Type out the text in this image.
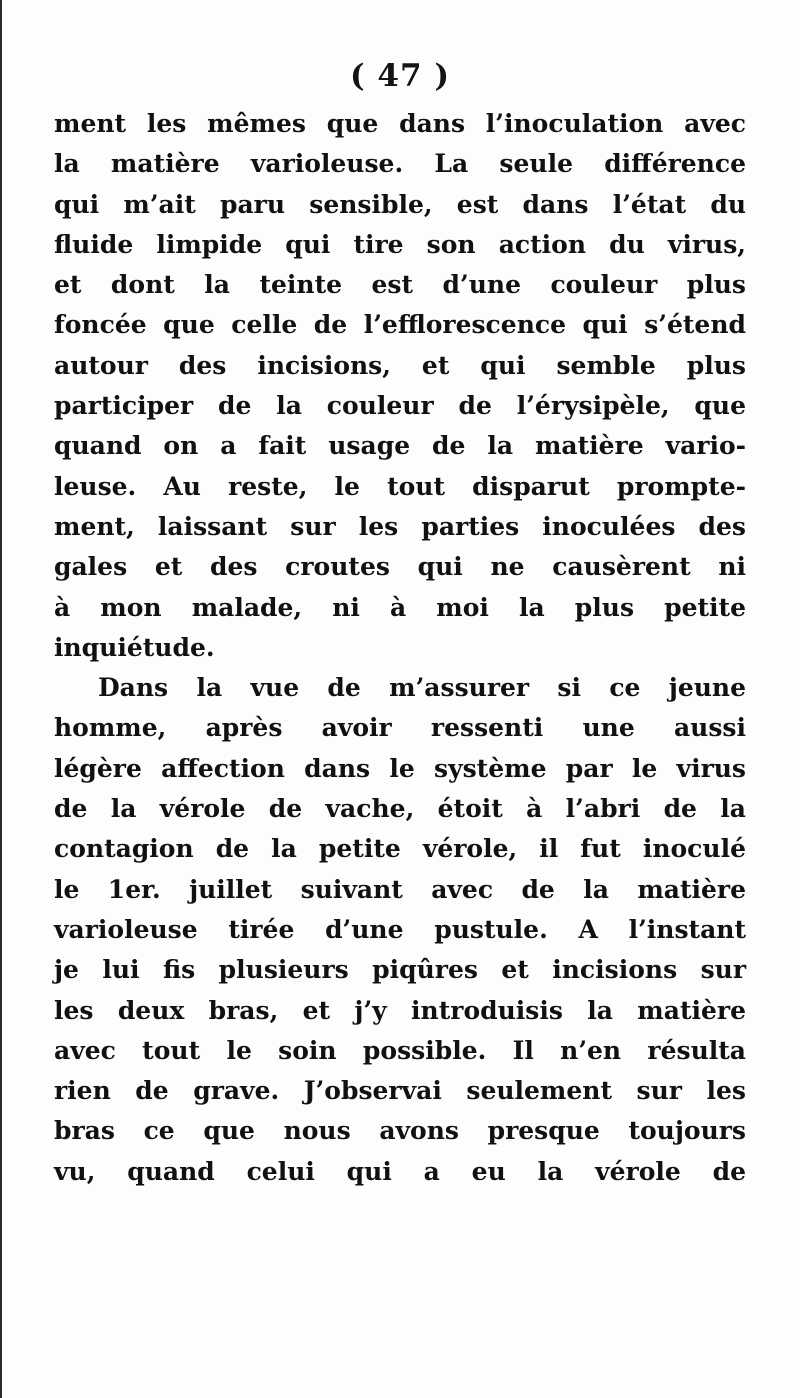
( 47 )
ment les mêmes que dans l’inoculation avec
la matière varioleuse. La seule différence
qui m’ait paru sensible, est dans l’état du
fluide limpide qui tire son action du virus,
et dont la teinte est d’une couleur plus
foncée que celle de l’efflorescence qui s’étend
autour des incisions, et qui semble plus
participer de la couleur de l’érysipèle, que
quand on a fait usage de la matière vario-
leuse. Au reste, le tout disparut prompte-
ment, laissant sur les parties inoculées des
gales et des croutes qui ne causèrent ni
à mon malade, ni à moi la plus petite
inquiétude.
Dans la vue de m’assurer si ce jeune
homme, après avoir ressenti une aussi
légère affection dans le système par le virus
de la vérole de vache, étoit à l’abri de la
contagion de la petite vérole, il fut inoculé
le 1er. juillet suivant avec de la matière
varioleuse tirée d’une pustule. A l’instant
je lui fis plusieurs piqûres et incisions sur
les deux bras, et j’y introduisis la matière
avec tout le soin possible. Il n’en résulta
rien de grave. J’observai seulement sur les
bras ce que nous avons presque toujours
vu, quand celui qui a eu la vérole de
